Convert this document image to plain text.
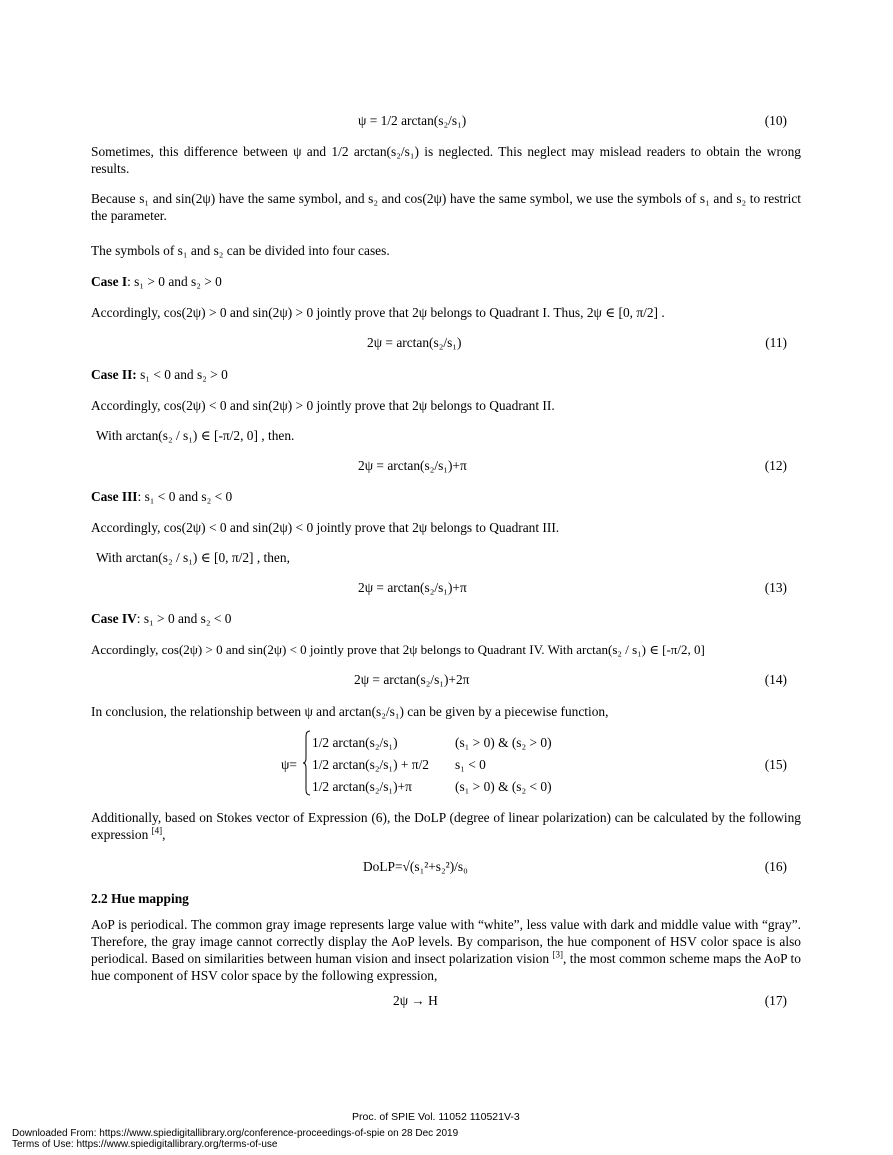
ψ = 1/2 arctan(s₂/s₁)	(10)
Sometimes, this difference between ψ and 1/2 arctan(s₂/s₁) is neglected. This neglect may mislead readers to obtain the wrong results.
Because s₁ and sin(2ψ) have the same symbol, and s₂ and cos(2ψ) have the same symbol, we use the symbols of s₁ and s₂ to restrict the parameter.
The symbols of s₁ and s₂ can be divided into four cases.
Case I: s₁ > 0 and s₂ > 0
Accordingly, cos(2ψ) > 0 and sin(2ψ) > 0 jointly prove that 2ψ belongs to Quadrant I. Thus, 2ψ ∈ [0, π/2] .
2ψ = arctan(s₂/s₁)	(11)
Case II: s₁ < 0 and s₂ > 0
Accordingly, cos(2ψ) < 0 and sin(2ψ) > 0 jointly prove that 2ψ belongs to Quadrant II.
With arctan(s₂ / s₁) ∈ [-π/2, 0] , then.
2ψ = arctan(s₂/s₁)+π	(12)
Case III: s₁ < 0 and s₂ < 0
Accordingly, cos(2ψ) < 0 and sin(2ψ) < 0 jointly prove that 2ψ belongs to Quadrant III.
With arctan(s₂ / s₁) ∈ [0, π/2] , then,
2ψ = arctan(s₂/s₁)+π	(13)
Case IV: s₁ > 0 and s₂ < 0
Accordingly, cos(2ψ) > 0 and sin(2ψ) < 0 jointly prove that 2ψ belongs to Quadrant IV. With arctan(s₂ / s₁) ∈ [-π/2, 0]
2ψ = arctan(s₂/s₁)+2π	(14)
In conclusion, the relationship between ψ and arctan(s₂/s₁) can be given by a piecewise function,
ψ=
1/2 arctan(s₂/s₁)	(s₁ > 0) & (s₂ > 0)
1/2 arctan(s₂/s₁) + π/2 s₁ < 0
1/2 arctan(s₂/s₁)+π	(s₁ > 0) & (s₂ < 0)
(15)
Additionally, based on Stokes vector of Expression (6), the DoLP (degree of linear polarization) can be calculated by the following expression [4],
DoLP=√(s₁²+s₂²)/s₀	(16)
2.2 Hue mapping
AoP is periodical. The common gray image represents large value with “white”, less value with dark and middle value with “gray”. Therefore, the gray image cannot correctly display the AoP levels. By comparison, the hue component of HSV color space is also periodical. Based on similarities between human vision and insect polarization vision [3], the most common scheme maps the AoP to hue component of HSV color space by the following expression,
2ψ → H	(17)
Proc. of SPIE Vol. 11052 110521V-3
Downloaded From: https://www.spiedigitallibrary.org/conference-proceedings-of-spie on 28 Dec 2019
Terms of Use: https://www.spiedigitallibrary.org/terms-of-use
